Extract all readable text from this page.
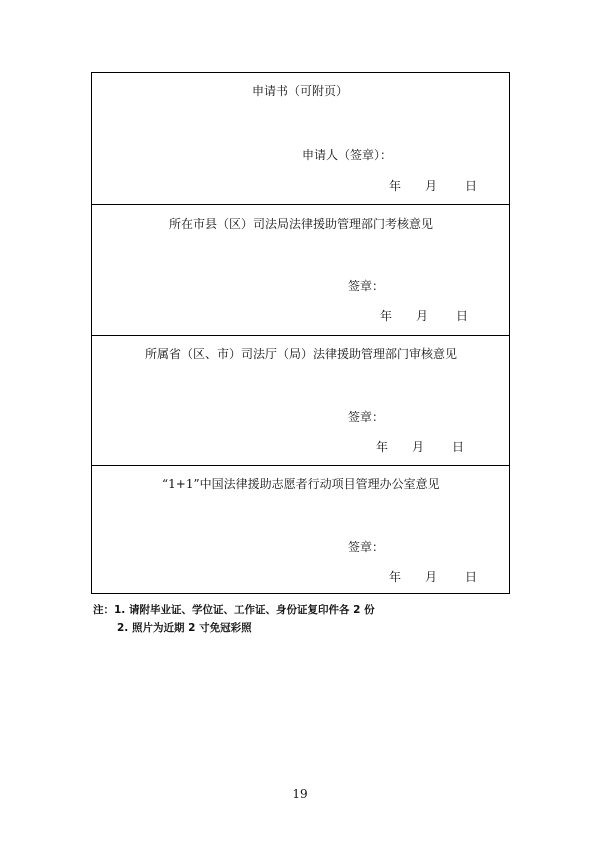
申请书（可附页）
申请人（签章）：
年 月 日
所在市县（区）司法局法律援助管理部门考核意见
签章：
年 月 日
所属省（区、市）司法厅（局）法律援助管理部门审核意见
签章：
年 月 日
“1+1”中国法律援助志愿者行动项目管理办公室意见
签章：
年 月 日
注：1. 请附毕业证、学位证、工作证、身份证复印件各 2 份
2. 照片为近期 2 寸免冠彩照
19
